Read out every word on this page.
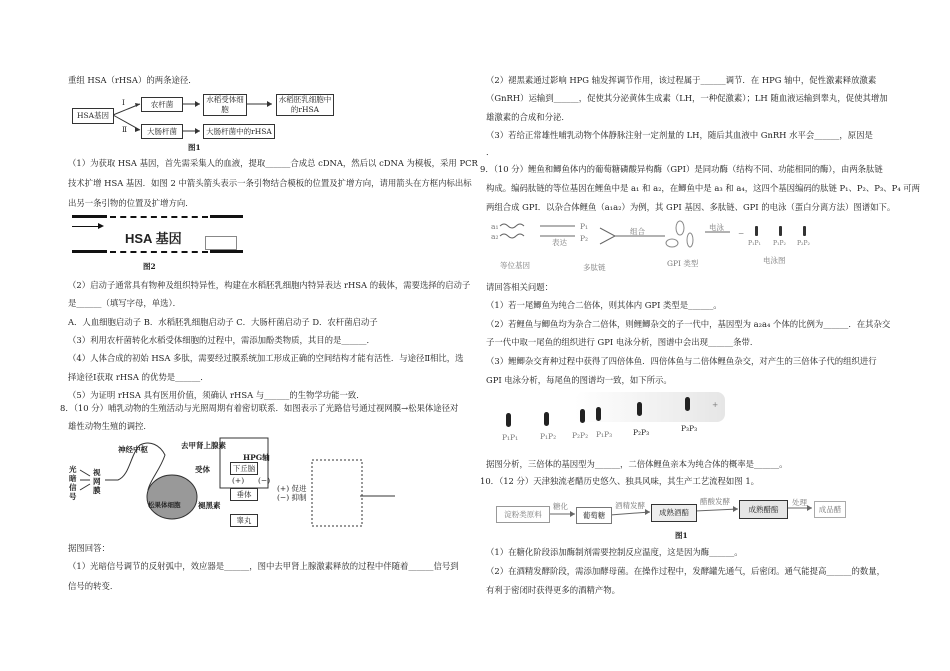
重组 HSA（rHSA）的两条途径．
HSA基因
Ⅰ
Ⅱ
农杆菌	水稻受体细胞
水稻胚乳细胞中的rHSA
大肠杆菌	大肠杆菌中的rHSA
图1
（1）为获取 HSA 基因，首先需采集人的血液，提取______合成总 cDNA，然后以 cDNA 为模板，采用 PCR
技术扩增 HSA 基因．如图 2 中箭头箭头表示一条引物结合模板的位置及扩增方向，请用箭头在方框内标出标
出另一条引物的位置及扩增方向．
HSA 基因
图2
（2）启动子通常具有物种及组织特异性，构建在水稻胚乳细胞内特异表达 rHSA 的载体，需要选择的启动子
是______（填写字母，单选）．
A．人血细胞启动子 B．水稻胚乳细胞启动子 C．大肠杆菌启动子 D．农杆菌启动子
（3）利用农杆菌转化水稻受体细胞的过程中，需添加酚类物质，其目的是______．
（4）人体合成的初始 HSA 多肽，需要经过膜系统加工形成正确的空间结构才能有活性．与途径Ⅱ相比，选
择途径Ⅰ获取 rHSA 的优势是______．
（5）为证明 rHSA 具有医用价值，须确认 rHSA 与______的生物学功能一致．
8．（10 分）哺乳动物的生殖活动与光照周期有着密切联系．如图表示了光路信号通过视网膜→松果体途径对
雄性动物生殖的调控．
光暗信号
视网膜
神经中枢	去甲肾上腺素
受体
松果体细胞 褪黑素
HPG轴
下丘脑
垂体
睾丸
(+) (−)
(+) 促进
(−) 抑制
据图回答：
（1）光暗信号调节的反射弧中，效应器是______，图中去甲肾上腺激素释放的过程中伴随着______信号到
信号的转变．
（2）褪黑素通过影响 HPG 轴发挥调节作用，该过程属于______调节．在 HPG 轴中，促性激素释放激素
（GnRH）运输到______，促使其分泌黄体生成素（LH，一种促激素）；LH 随血液运输到睾丸，促使其增加
雄激素的合成和分泌．
（3）若给正常雄性哺乳动物个体静脉注射一定剂量的 LH，随后其血液中 GnRH 水平会______，原因是
．
9．（10 分）鲤鱼和鲫鱼体内的葡萄糖磷酸异构酶（GPI）是同功酶（结构不同、功能相同的酶），由两条肽链
构成。编码肽链的等位基因在鲤鱼中是 a₁ 和 a₂，在鲫鱼中是 a₃ 和 a₄，这四个基因编码的肽链 P₁、P₂、P₃、P₄ 可两
两组合成 GPI．以杂合体鲤鱼（a₁a₂）为例，其 GPI 基因、多肽链、GPI 的电泳（蛋白分离方法）图谱如下。
a₁
a₂
表达
P₁
P₂
组合	电泳
−
P₁P₁ P₁P₂ P₂P₂
等位基因	多肽链	GPI 类型	电泳图
请回答相关问题：
（1）若一尾鲫鱼为纯合二倍体，则其体内 GPI 类型是______。
（2）若鲤鱼与鲫鱼均为杂合二倍体，则鲤鲫杂交的子一代中，基因型为 a₂a₄ 个体的比例为______．在其杂交
子一代中取一尾鱼的组织进行 GPI 电泳分析，图谱中会出现______条带．
（3）鲤鲫杂交育种过程中获得了四倍体鱼．四倍体鱼与二倍体鲤鱼杂交，对产生的三倍体子代的组织进行
GPI 电泳分析，每尾鱼的图谱均一致，如下所示。
P₁P₁	P₁P₂ P₂P₂ P₁P₃	P₂P₃	P₃P₃
+
据图分析，三倍体的基因型为______，二倍体鲤鱼亲本为纯合体的概率是______。
10．（12 分）天津独流老醋历史悠久、独具风味，其生产工艺流程如图 1。
淀粉类原料
糖化
葡萄糖
酒精发酵
成熟酒醅
醋酸发酵
成熟醋醅
处理
成品醋
图1
（1）在糖化阶段添加酶制剂需要控制反应温度，这是因为酶______。
（2）在酒精发酵阶段，需添加酵母菌。在操作过程中，发酵罐先通气，后密闭。通气能提高______的数量，
有利于密闭时获得更多的酒精产物。
